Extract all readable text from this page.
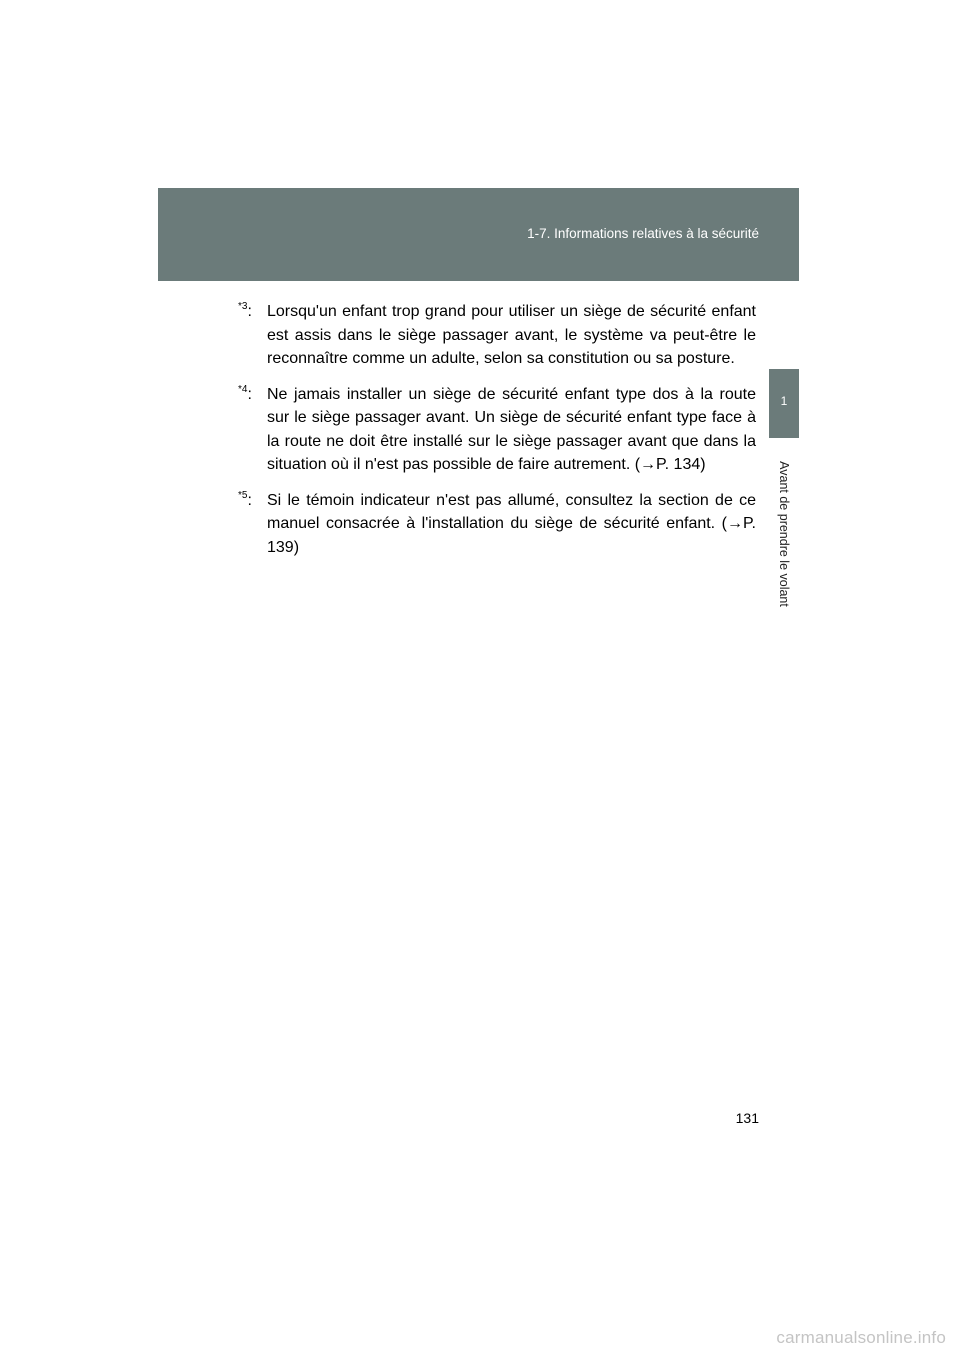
1-7. Informations relatives à la sécurité
1
Avant de prendre le volant
$^{*3}$: Lorsqu'un enfant trop grand pour utiliser un siège de sécurité enfant est assis dans le siège passager avant, le système va peut-être le reconnaître comme un adulte, selon sa constitution ou sa posture.
$^{*4}$: Ne jamais installer un siège de sécurité enfant type dos à la route sur le siège passager avant. Un siège de sécurité enfant type face à la route ne doit être installé sur le siège passager avant que dans la situation où il n'est pas possible de faire autrement. (→P. 134)
$^{*5}$: Si le témoin indicateur n'est pas allumé, consultez la section de ce manuel consacrée à l'installation du siège de sécurité enfant. (→P. 139)
131
carmanualsonline.info
